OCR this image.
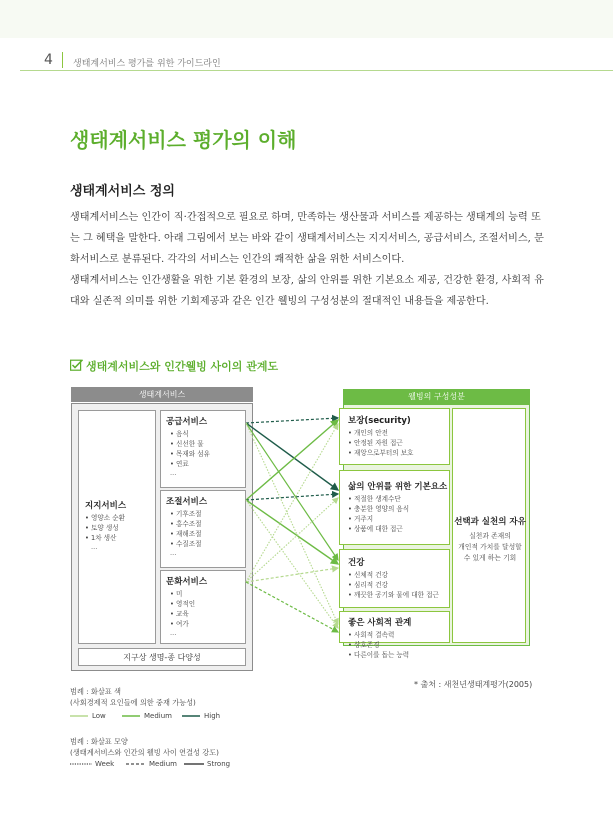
4 생태계서비스 평가를 위한 가이드라인
생태계서비스 평가의 이해
생태계서비스 정의

생태계서비스는 인간이 직·간접적으로 필요로 하며, 만족하는 생산물과 서비스를 제공하는 생태계의 능력 또는 그 혜택을 말한다. 아래 그림에서 보는 바와 같이 생태계서비스는 지지서비스, 공급서비스, 조절서비스, 문화서비스로 분류된다. 각각의 서비스는 인간의 쾌적한 삶을 위한 서비스이다.

생태계서비스는 인간생활을 위한 기본 환경의 보장, 삶의 안위를 위한 기본요소 제공, 건강한 환경, 사회적 유대와 실존적 의미를 위한 기회제공과 같은 인간 웰빙의 구성성분의 절대적인 내용들을 제공한다.

생태계서비스와 인간웰빙 사이의 관계도
생태계서비스
지지서비스
• 영양소 순환
• 토양 생성
• 1차 생산
...
공급서비스
• 음식
• 신선한 물
• 목재와 섬유
• 연료
...
조절서비스
• 기후조절
• 홍수조절
• 재해조절
• 수질조절
...
문화서비스
• 미
• 영적인
• 교육
• 여가
...
지구상 생명-종 다양성
웰빙의 구성성분
보장(security)
• 개인의 안전
• 안정된 자원 접근
• 재앙으로부터의 보호
삶의 안위를 위한 기본요소
• 적절한 생계수단
• 충분한 영양의 음식
• 거주지
• 상품에 대한 접근
건강
• 신체적 건강
• 심리적 건강
• 깨끗한 공기와 물에 대한 접근
좋은 사회적 관계
• 사회적 결속력
• 상호존경
• 다른이를 돕는 능력
선택과 실천의 자유
실천과 존재의
개인적 가치를 달성할
수 있게 하는 기회
* 출처 : 새천년생태계평가(2005)
범례 : 화살표 색
(사회경제적 요인들에 의한 중재 가능성)
Low	Medium	High
범례 : 화살표 모양
(생태계서비스와 인간의 웰빙 사이 연결성 강도)
Week	Medium	Strong
